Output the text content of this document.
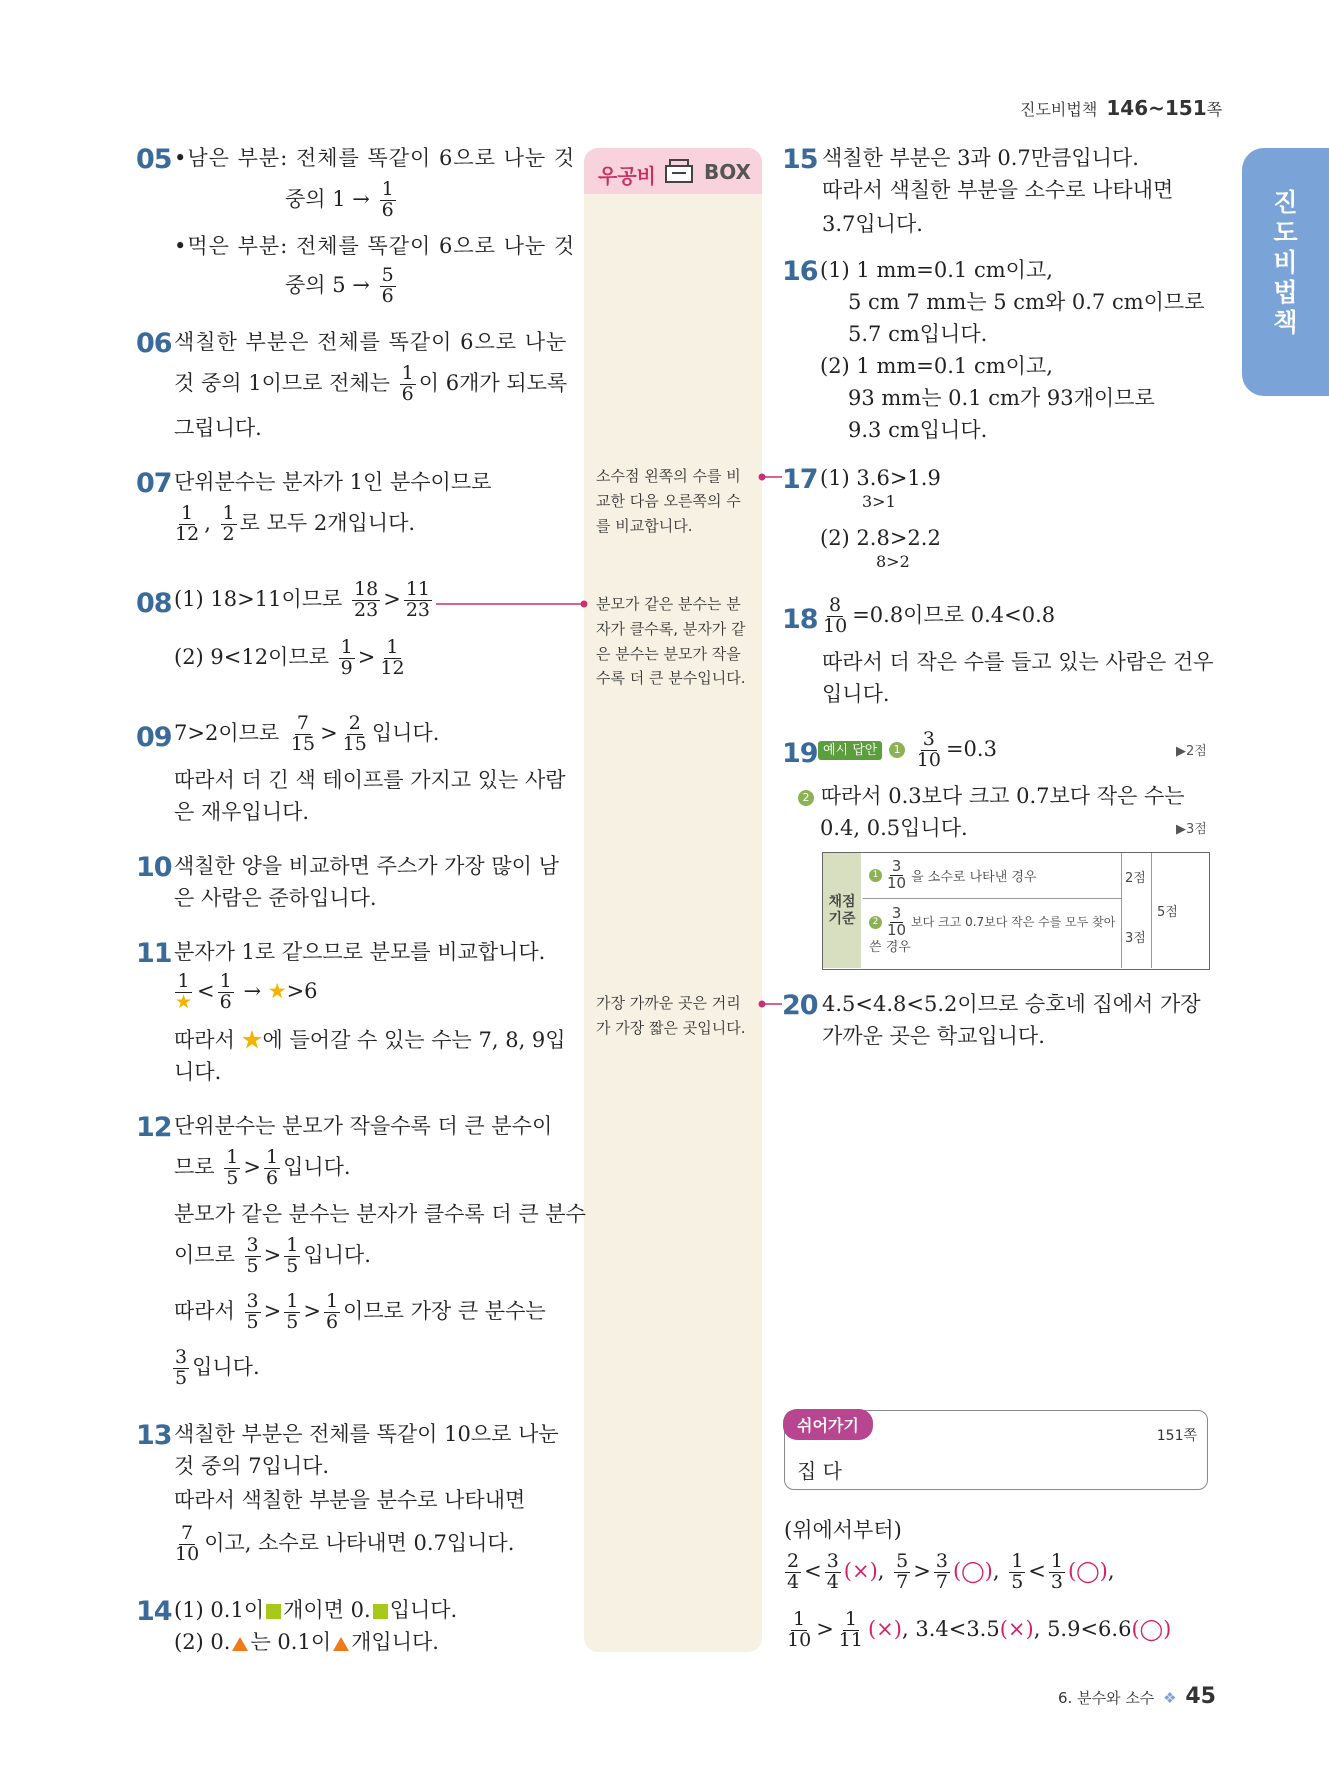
진도비법책 146~151쪽
진
도
비
법
책
우공비 BOX
소수점 왼쪽의 수를 비교한 다음 오른쪽의 수를 비교합니다.
분모가 같은 분수는 분자가 클수록, 분자가 같은 분수는 분모가 작을수록 더 큰 분수입니다.
가장 가까운 곳은 거리가 가장 짧은 곳입니다.
05 •남은 부분: 전체를 똑같이 6으로 나눈 것
중의 $1 \to \frac{1}{6}$
•먹은 부분: 전체를 똑같이 6으로 나눈 것
중의 $5 \to \frac{5}{6}$
06 색칠한 부분은 전체를 똑같이 6으로 나눈
것 중의 1이므로 전체는 $\frac{1}{6}$ 이 6개가 되도록
그립니다.
07 단위분수는 분자가 1인 분수이므로
$\frac{1}{12}$ , $\frac{1}{2}$ 로 모두 2개입니다.
08 (1) 18>11이므로 $\frac{18}{23} > \frac{11}{23}$
(2) 9<12이므로 $\frac{1}{9} > \frac{1}{12}$
09 7>2이므로 $\frac{7}{15} > \frac{2}{15}$ 입니다.
따라서 더 긴 색 테이프를 가지고 있는 사람
은 재우입니다.
10 색칠한 양을 비교하면 주스가 가장 많이 남
은 사람은 준하입니다.
11 분자가 1로 같으므로 분모를 비교합니다.
$\frac{1}{★} < \frac{1}{6}$ → ★>6
따라서 ★에 들어갈 수 있는 수는 7, 8, 9입
니다.
12 단위분수는 분모가 작을수록 더 큰 분수이
므로 $\frac{1}{5} > \frac{1}{6}$ 입니다.
분모가 같은 분수는 분자가 클수록 더 큰 분수
이므로 $\frac{3}{5} > \frac{1}{5}$ 입니다.
따라서 $\frac{3}{5} > \frac{1}{5} > \frac{1}{6}$ 이므로 가장 큰 분수는
$\frac{3}{5}$ 입니다.
13 색칠한 부분은 전체를 똑같이 10으로 나눈
것 중의 7입니다.
따라서 색칠한 부분을 분수로 나타내면
$\frac{7}{10}$ 이고, 소수로 나타내면 0.7입니다.
14 (1) 0.1이 개이면 0. 입니다.
(2) 0. 는 0.1이 개입니다.
15 색칠한 부분은 3과 0.7만큼입니다.
따라서 색칠한 부분을 소수로 나타내면
3.7입니다.
16 (1) 1 mm=0.1 cm이고,
5 cm 7 mm는 5 cm와 0.7 cm이므로
5.7 cm입니다.
(2) 1 mm=0.1 cm이고,
93 mm는 0.1 cm가 93개이므로
9.3 cm입니다.
17 (1) 3.6>1.9
3>1
(2) 2.8>2.2
8>2
$18 \frac{8}{10} =0.8$이므로 0.4<0.8
따라서 더 작은 수를 들고 있는 사람은 건우
입니다.
19 예시 답안 $1 \frac{3}{10} =0.3$	▶2점
2 따라서 0.3보다 크고 0.7보다 작은 수는
0.4, 0.5입니다.	▶3점
채점 기준
$1 \frac{3}{10}$ 을 소수로 나타낸 경우
$2 \frac{3}{10}$ 보다 크고 0.7보다 작은 수를 모두 찾아
쓴 경우
2점
3점
5점
20 4.5<4.8<5.2이므로 승호네 집에서 가장
가까운 곳은 학교입니다.
쉬어가기
151쪽
집 다
(위에서부터)
$\frac{2}{4} < \frac{3}{4}$ (×), $\frac{5}{7} > \frac{3}{7}$ (◯), $\frac{1}{5} < \frac{1}{3}$ (◯),
$\frac{1}{10} > \frac{1}{11}$ (×), 3.4<3.5(×), 5.9<6.6(◯)
6. 분수와 소수 ❖ 45
